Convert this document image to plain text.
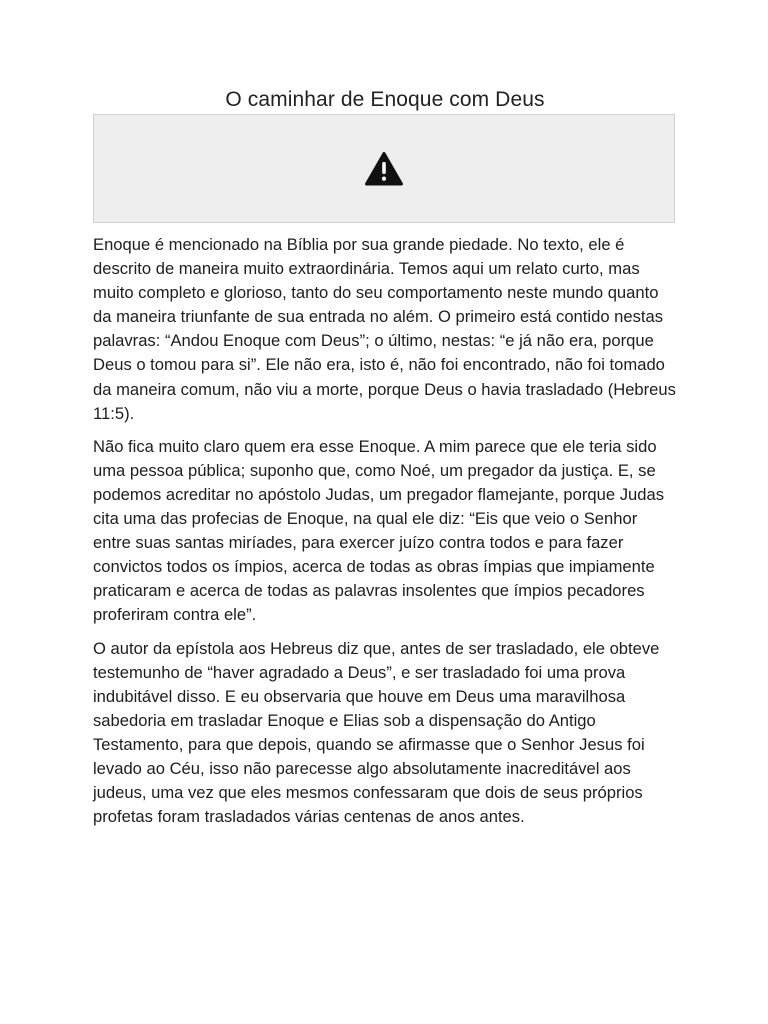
O caminhar de Enoque com Deus

Enoque é mencionado na Bíblia por sua grande piedade. No texto, ele é descrito de maneira muito extraordinária. Temos aqui um relato curto, mas muito completo e glorioso, tanto do seu comportamento neste mundo quanto da maneira triunfante de sua entrada no além. O primeiro está contido nestas palavras: “Andou Enoque com Deus”; o último, nestas: “e já não era, porque Deus o tomou para si”. Ele não era, isto é, não foi encontrado, não foi tomado da maneira comum, não viu a morte, porque Deus o havia trasladado (Hebreus 11:5).

Não fica muito claro quem era esse Enoque. A mim parece que ele teria sido uma pessoa pública; suponho que, como Noé, um pregador da justiça. E, se podemos acreditar no apóstolo Judas, um pregador flamejante, porque Judas cita uma das profecias de Enoque, na qual ele diz: “Eis que veio o Senhor entre suas santas miríades, para exercer juízo contra todos e para fazer convictos todos os ímpios, acerca de todas as obras ímpias que impiamente praticaram e acerca de todas as palavras insolentes que ímpios pecadores proferiram contra ele”.

O autor da epístola aos Hebreus diz que, antes de ser trasladado, ele obteve testemunho de “haver agradado a Deus”, e ser trasladado foi uma prova indubitável disso. E eu observaria que houve em Deus uma maravilhosa sabedoria em trasladar Enoque e Elias sob a dispensação do Antigo Testamento, para que depois, quando se afirmasse que o Senhor Jesus foi levado ao Céu, isso não parecesse algo absolutamente inacreditável aos judeus, uma vez que eles mesmos confessaram que dois de seus próprios profetas foram trasladados várias centenas de anos antes.
